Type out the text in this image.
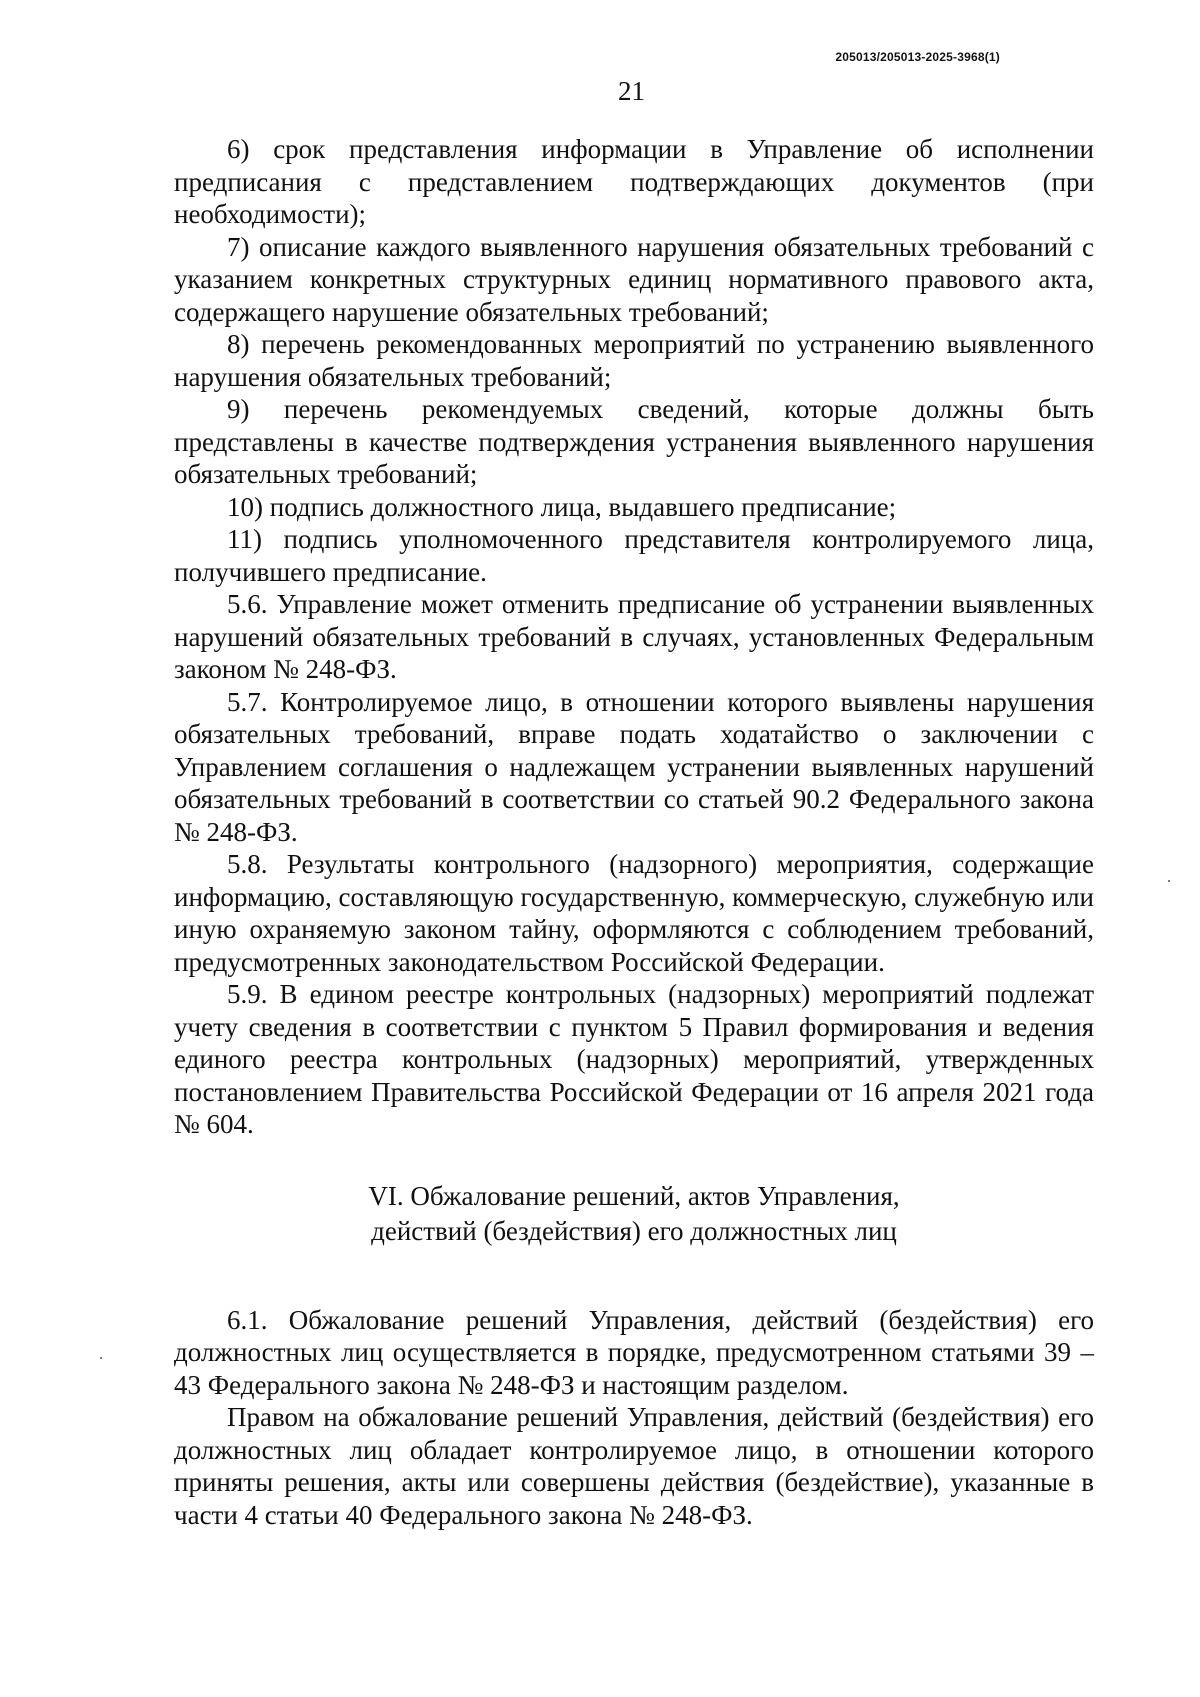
205013/205013-2025-3968(1)
21

6) срок представления информации в Управление об исполнении предписания с представлением подтверждающих документов (при необходимости);

7) описание каждого выявленного нарушения обязательных требований с указанием конкретных структурных единиц нормативного правового акта, содержащего нарушение обязательных требований;

8) перечень рекомендованных мероприятий по устранению выявленного нарушения обязательных требований;

9) перечень рекомендуемых сведений, которые должны быть представлены в качестве подтверждения устранения выявленного нарушения обязательных требований;

10) подпись должностного лица, выдавшего предписание;

11) подпись уполномоченного представителя контролируемого лица, получившего предписание.

5.6. Управление может отменить предписание об устранении выявленных нарушений обязательных требований в случаях, установленных Федеральным законом № 248-ФЗ.

5.7. Контролируемое лицо, в отношении которого выявлены нарушения обязательных требований, вправе подать ходатайство о заключении с Управлением соглашения о надлежащем устранении выявленных нарушений обязательных требований в соответствии со статьей 90.2 Федерального закона № 248-ФЗ.

5.8. Результаты контрольного (надзорного) мероприятия, содержащие информацию, составляющую государственную, коммерческую, служебную или иную охраняемую законом тайну, оформляются с соблюдением требований, предусмотренных законодательством Российской Федерации.

5.9. В едином реестре контрольных (надзорных) мероприятий подлежат учету сведения в соответствии с пунктом 5 Правил формирования и ведения единого реестра контрольных (надзорных) мероприятий, утвержденных постановлением Правительства Российской Федерации от 16 апреля 2021 года № 604.

VI. Обжалование решений, актов Управления,
действий (бездействия) его должностных лиц

6.1. Обжалование решений Управления, действий (бездействия) его должностных лиц осуществляется в порядке, предусмотренном статьями 39 – 43 Федерального закона № 248-ФЗ и настоящим разделом.

Правом на обжалование решений Управления, действий (бездействия) его должностных лиц обладает контролируемое лицо, в отношении которого приняты решения, акты или совершены действия (бездействие), указанные в части 4 статьи 40 Федерального закона № 248-ФЗ.
